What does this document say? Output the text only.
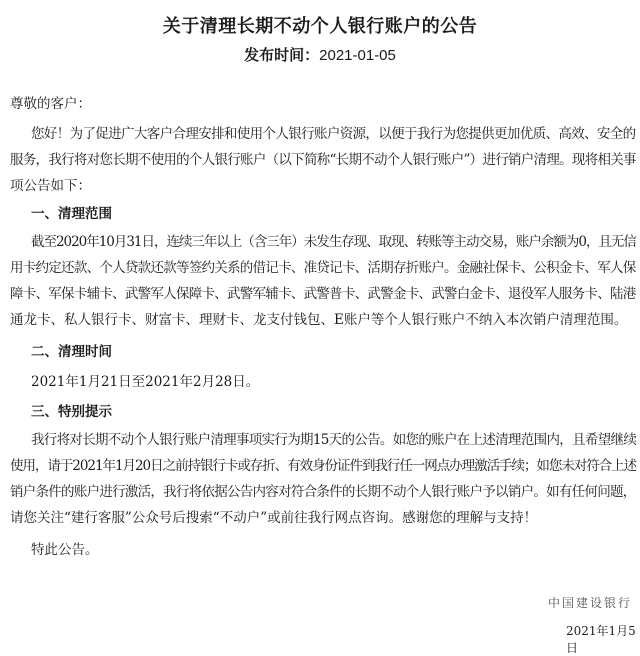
关于清理长期不动个人银行账户的公告
发布时间：2021-01-05
尊敬的客户：
您好！为了促进广大客户合理安排和使用个人银行账户资源，以便于我行为您提供更加优质、高效、安全的
服务，我行将对您长期不使用的个人银行账户（以下简称“长期不动个人银行账户”）进行销户清理。现将相关事
项公告如下：
一、清理范围
截至2020年10月31日，连续三年以上（含三年）未发生存现、取现、转账等主动交易，账户余额为0，且无信
用卡约定还款、个人贷款还款等签约关系的借记卡、准贷记卡、活期存折账户。金融社保卡、公积金卡、军人保
障卡、军保卡辅卡、武警军人保障卡、武警军辅卡、武警普卡、武警金卡、武警白金卡、退役军人服务卡、陆港
通龙卡、私人银行卡、财富卡、理财卡、龙支付钱包、E账户等个人银行账户不纳入本次销户清理范围。
二、清理时间
2021年1月21日至2021年2月28日。
三、特别提示
我行将对长期不动个人银行账户清理事项实行为期15天的公告。如您的账户在上述清理范围内，且希望继续
使用，请于2021年1月20日之前持银行卡或存折、有效身份证件到我行任一网点办理激活手续；如您未对符合上述
销户条件的账户进行激活，我行将依据公告内容对符合条件的长期不动个人银行账户予以销户。如有任何问题，
请您关注“建行客服”公众号后搜索“不动户”或前往我行网点咨询。感谢您的理解与支持！
特此公告。
中国建设银行
2021年1月5日
